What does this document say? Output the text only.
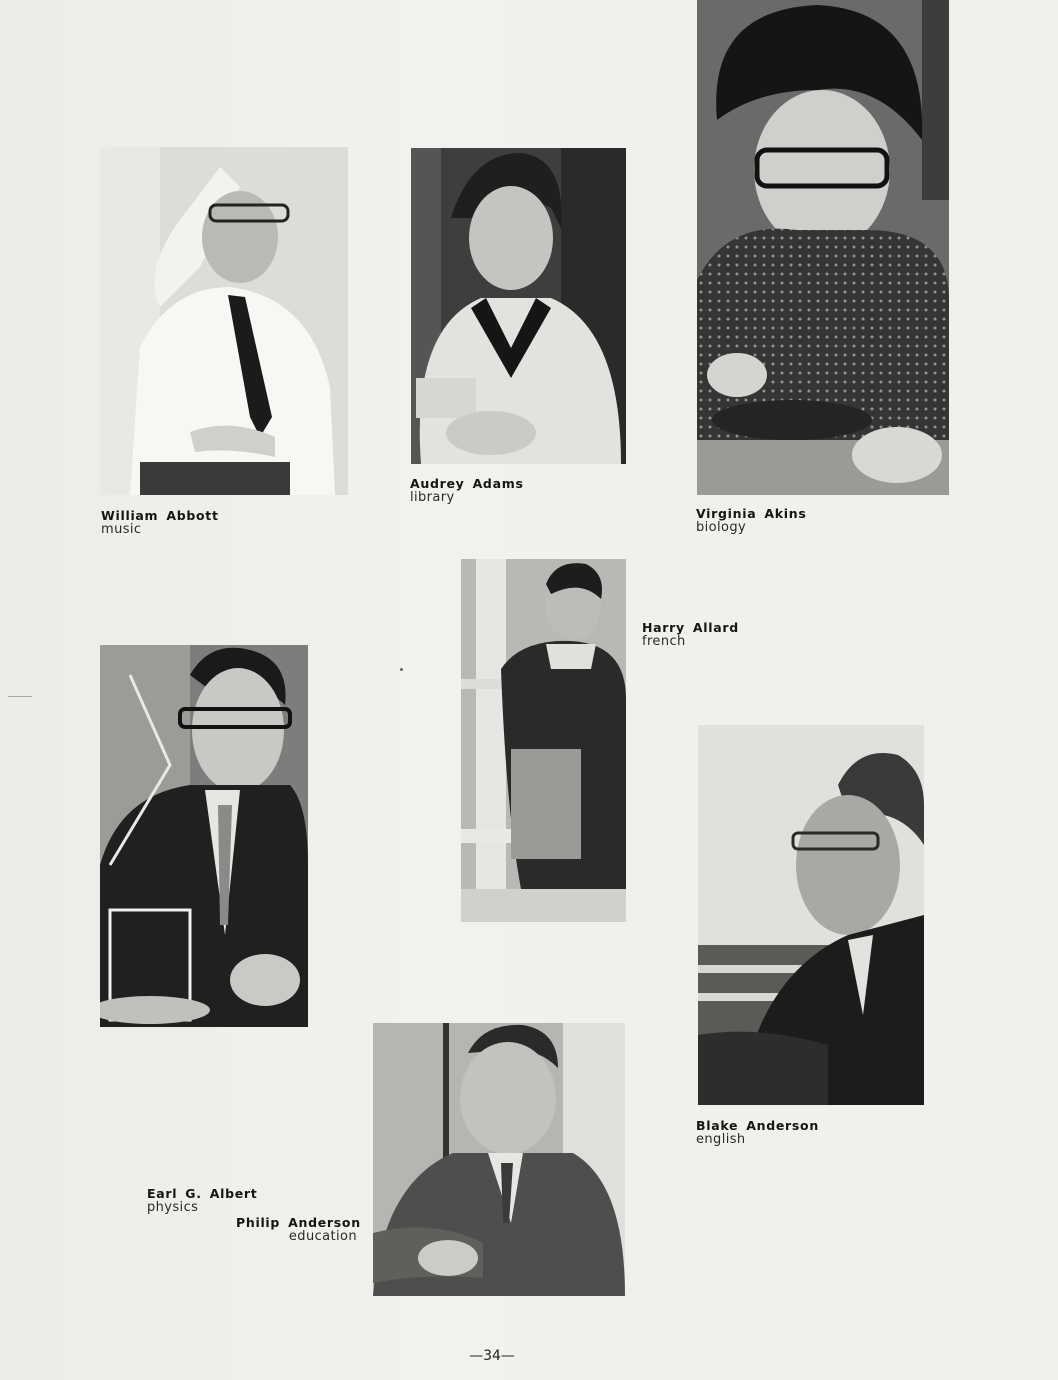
William Abbott
music
Audrey Adams
library
Virginia Akins
biology
Harry Allard
french
Earl G. Albert
physics
Philip Anderson
education
Blake Anderson
english
—34—
